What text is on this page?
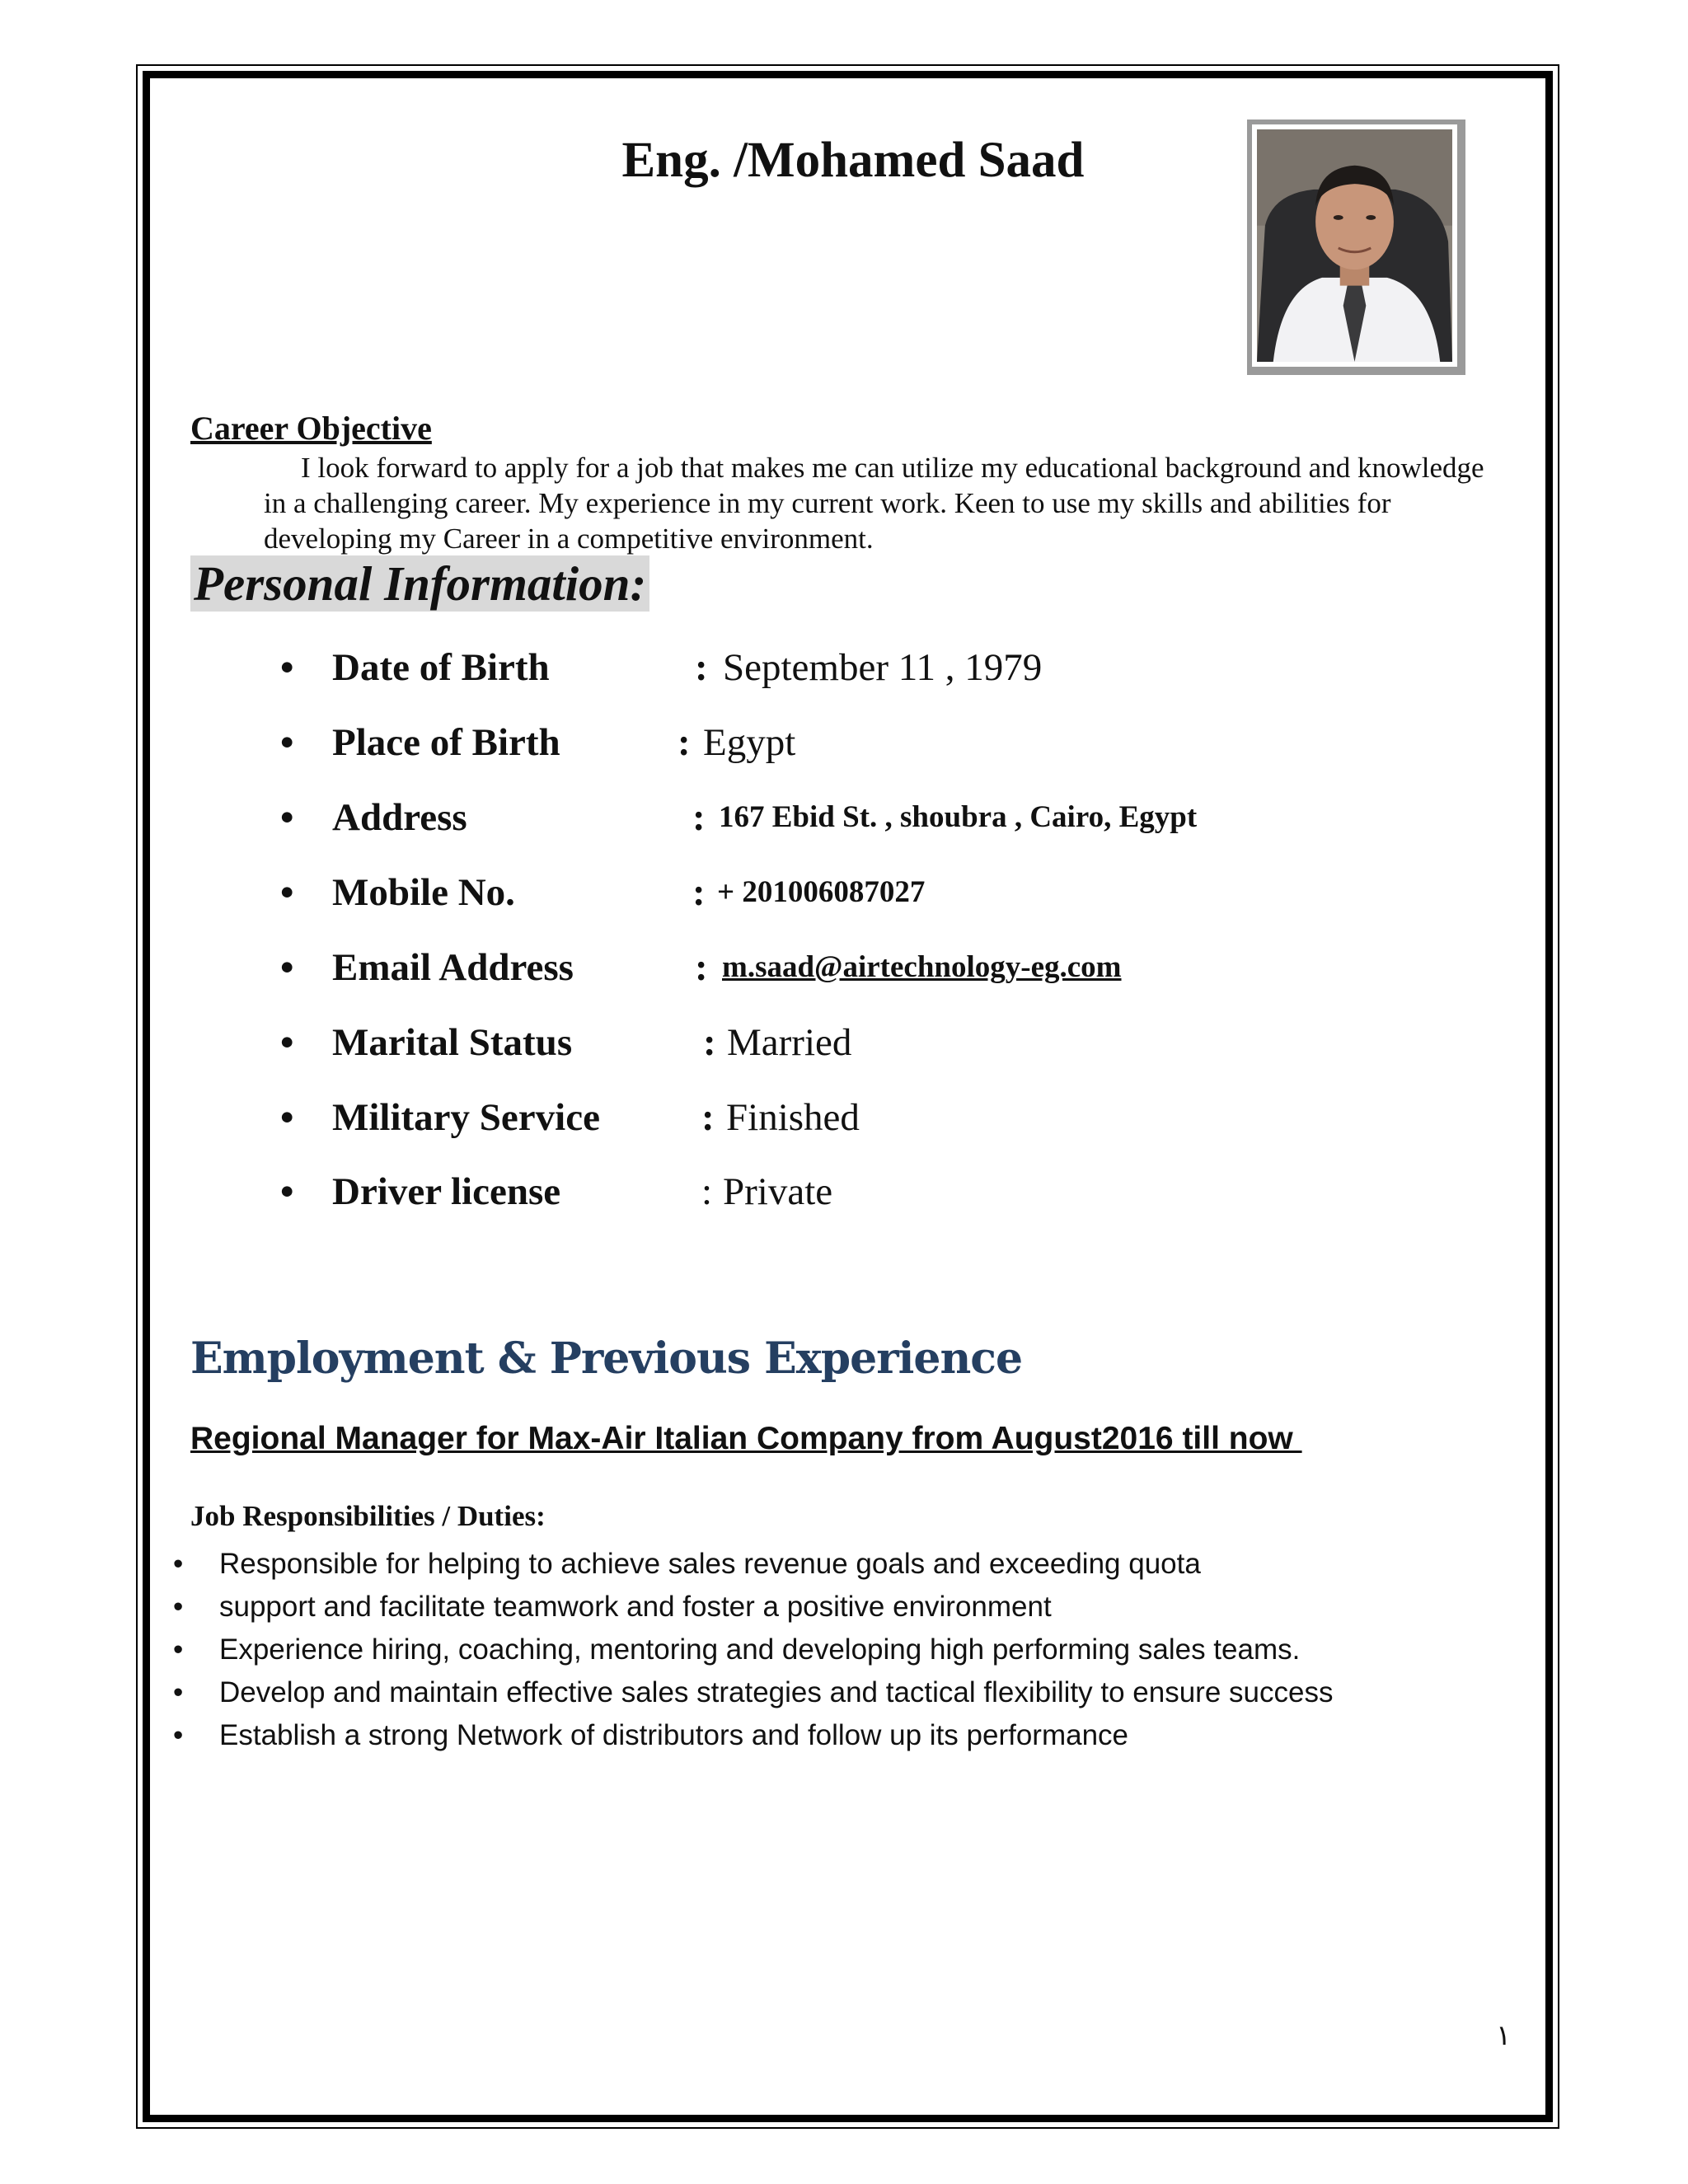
Eng. /Mohamed Saad
Career Objective
I look forward to apply for a job that makes me can utilize my educational background and knowledge in a challenging career. My experience in my current work. Keen to use my skills and abilities for developing my Career in a competitive environment.
Personal Information:
• Date of Birth	: September 11 , 1979
• Place of Birth	: Egypt
• Address	: 167 Ebid St. , shoubra , Cairo, Egypt
• Mobile No.	: + 201006087027
• Email Address	: m.saad@airtechnology-eg.com
• Marital Status	: Married
• Military Service	: Finished
• Driver license	: Private
Employment & Previous Experience
Regional Manager for Max-Air Italian Company from August2016 till now
Job Responsibilities / Duties:
• Responsible for helping to achieve sales revenue goals and exceeding quota
• support and facilitate teamwork and foster a positive environment
• Experience hiring, coaching, mentoring and developing high performing sales teams.
• Develop and maintain effective sales strategies and tactical flexibility to ensure success
• Establish a strong Network of distributors and follow up its performance
١
